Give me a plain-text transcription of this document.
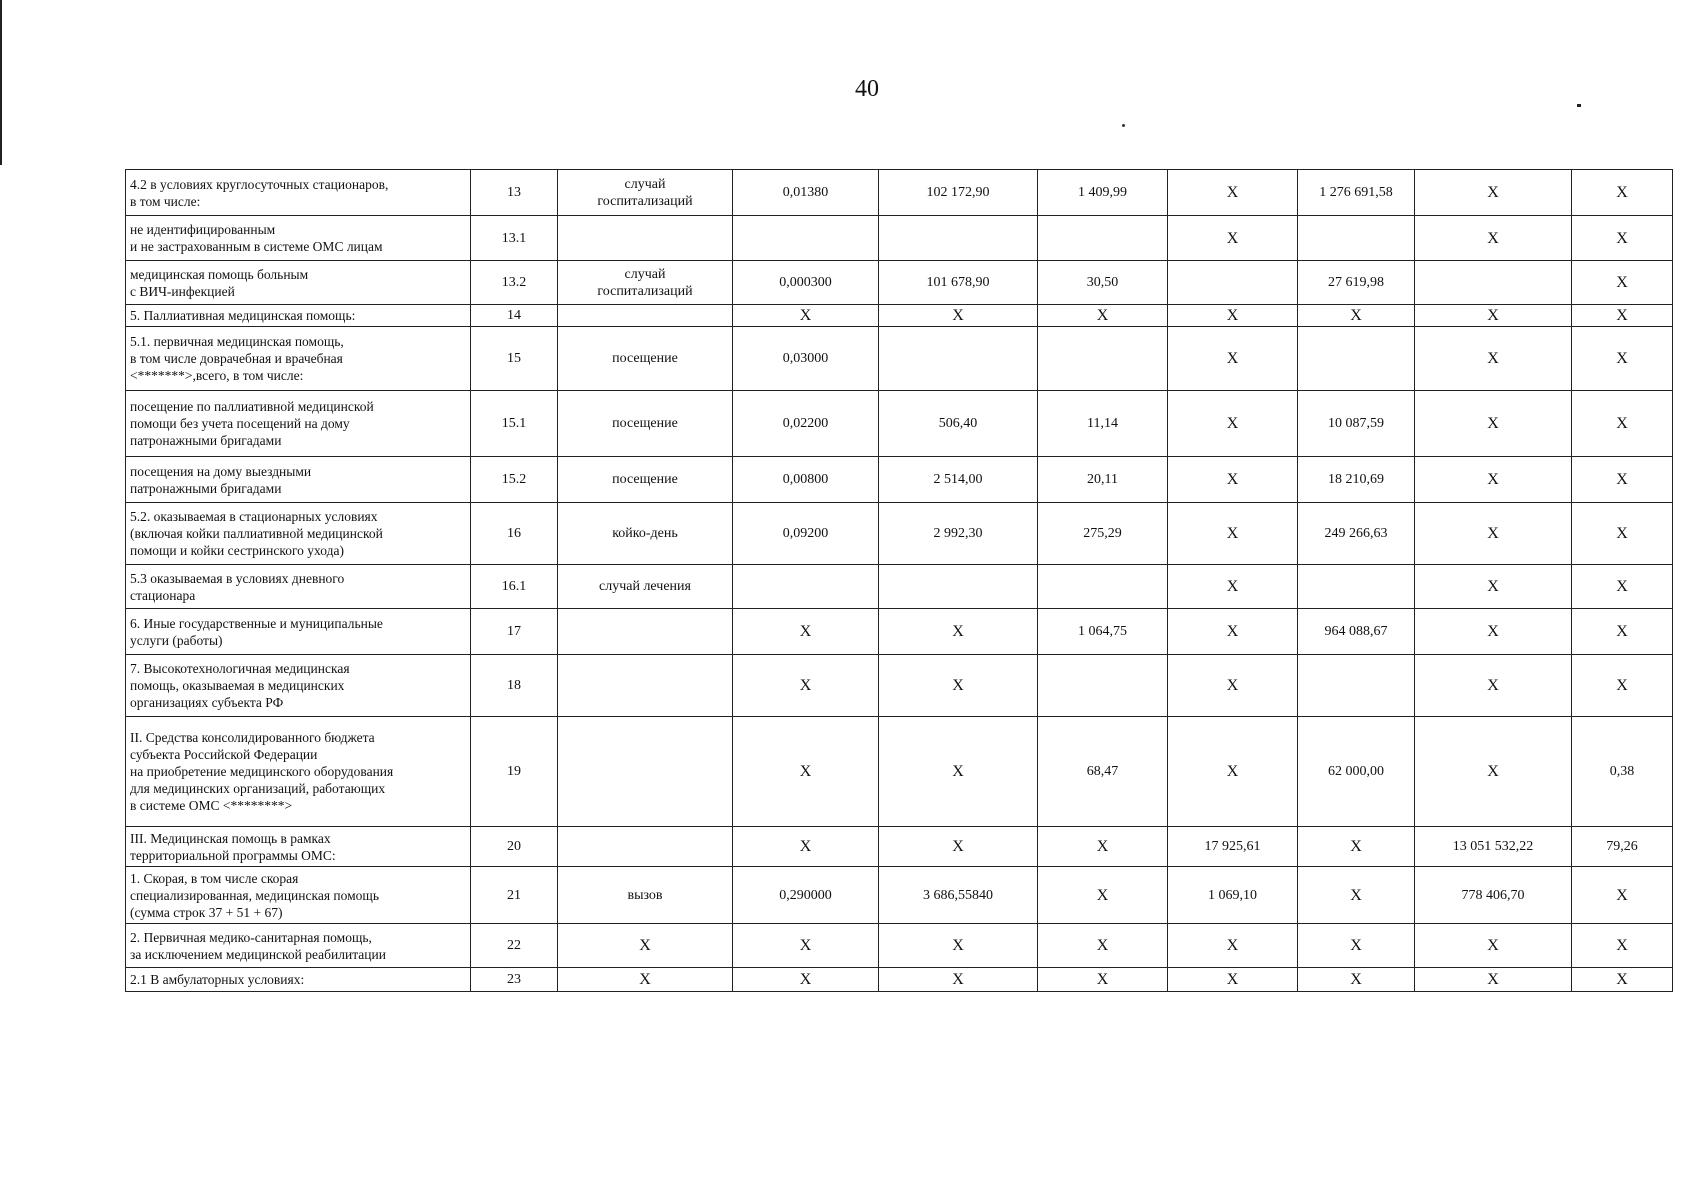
40
4.2 в условиях круглосуточных стационаров,
в том числе:	13	случай
госпитализаций	0,01380	102 172,90	1 409,99	X	1 276 691,58	X	X
не идентифицированным
и не застрахованным в системе ОМС лицам	13.1					X		X	X
медицинская помощь больным
с ВИЧ-инфекцией	13.2	случай
госпитализаций	0,000300	101 678,90	30,50		27 619,98		X
5. Паллиативная медицинская помощь:	14		X	X	X	X	X	X	X
5.1. первичная медицинская помощь,
в том числе доврачебная и врачебная
<*******>,всего, в том числе:	15	посещение	0,03000			X		X	X
посещение по паллиативной медицинской
помощи без учета посещений на дому
патронажными бригадами	15.1	посещение	0,02200	506,40	11,14	X	10 087,59	X	X
посещения на дому выездными
патронажными бригадами	15.2	посещение	0,00800	2 514,00	20,11	X	18 210,69	X	X
5.2. оказываемая в стационарных условиях
(включая койки паллиативной медицинской
помощи и койки сестринского ухода)	16	койко-день	0,09200	2 992,30	275,29	X	249 266,63	X	X
5.3 оказываемая в условиях дневного
стационара	16.1	случай лечения				X		X	X
6. Иные государственные и муниципальные
услуги (работы)	17		X	X	1 064,75	X	964 088,67	X	X
7. Высокотехнологичная медицинская
помощь, оказываемая в медицинских
организациях субъекта РФ	18		X	X		X		X	X
II. Средства консолидированного бюджета
субъекта Российской Федерации
на приобретение медицинского оборудования
для медицинских организаций, работающих
в системе ОМС <********>	19		X	X	68,47	X	62 000,00	X	0,38
III. Медицинская помощь в рамках
территориальной программы ОМС:	20		X	X	X	17 925,61	X	13 051 532,22	79,26
1. Скорая, в том числе скорая
специализированная, медицинская помощь
(сумма строк 37 + 51 + 67)	21	вызов	0,290000	3 686,55840	X	1 069,10	X	778 406,70	X
2. Первичная медико-санитарная помощь,
за исключением медицинской реабилитации	22	X	X	X	X	X	X	X	X
2.1 В амбулаторных условиях:	23	X	X	X	X	X	X	X	X
